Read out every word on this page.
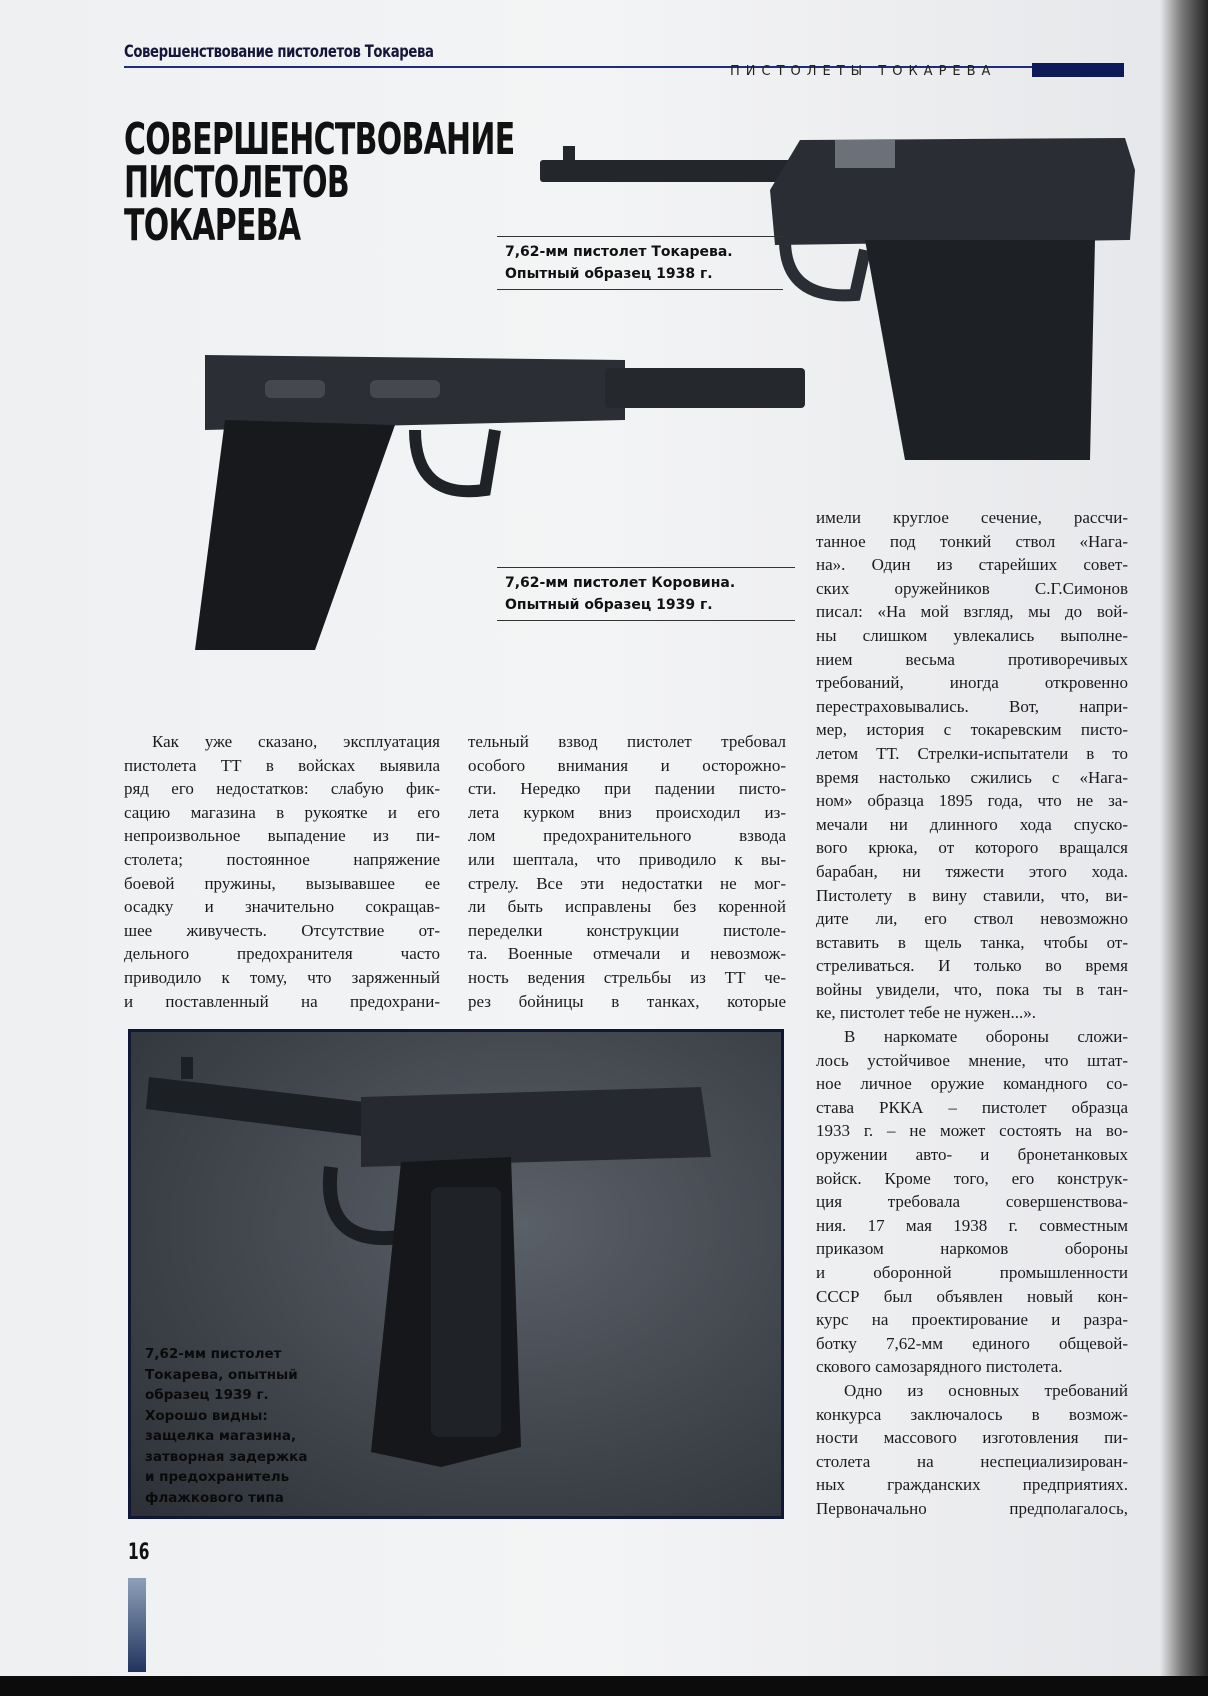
Совершенствование пистолетов Токарева
ПИСТОЛЕТЫ ТОКАРЕВА
СОВЕРШЕНСТВОВАНИЕ
ПИСТОЛЕТОВ
ТОКАРЕВА
7,62-мм пистолет Токарева.
Опытный образец 1938 г.
7,62-мм пистолет Коровина.
Опытный образец 1939 г.
Как уже сказано, эксплуатация
пистолета ТТ в войсках выявила
ряд его недостатков: слабую фик-
сацию магазина в рукоятке и его
непроизвольное выпадение из пи-
столета; постоянное напряжение
боевой пружины, вызывавшее ее
осадку и значительно сокращав-
шее живучесть. Отсутствие от-
дельного предохранителя часто
приводило к тому, что заряженный
и поставленный на предохрани-
тельный взвод пистолет требовал
особого внимания и осторожно-
сти. Нередко при падении писто-
лета курком вниз происходил из-
лом предохранительного взвода
или шептала, что приводило к вы-
стрелу. Все эти недостатки не мог-
ли быть исправлены без коренной
переделки конструкции пистоле-
та. Военные отмечали и невозмож-
ность ведения стрельбы из ТТ че-
рез бойницы в танках, которые
имели круглое сечение, рассчи-
танное под тонкий ствол «Нага-
на». Один из старейших совет-
ских оружейников С.Г.Симонов
писал: «На мой взгляд, мы до вой-
ны слишком увлекались выполне-
нием весьма противоречивых
требований, иногда откровенно
перестраховывались. Вот, напри-
мер, история с токаревским писто-
летом ТТ. Стрелки-испытатели в то
время настолько сжились с «Нага-
ном» образца 1895 года, что не за-
мечали ни длинного хода спуско-
вого крюка, от которого вращался
барабан, ни тяжести этого хода.
Пистолету в вину ставили, что, ви-
дите ли, его ствол невозможно
вставить в щель танка, чтобы от-
стреливаться. И только во время
войны увидели, что, пока ты в тан-
ке, пистолет тебе не нужен...».
В наркомате обороны сложи-
лось устойчивое мнение, что штат-
ное личное оружие командного со-
става РККА – пистолет образца
1933 г. – не может состоять на во-
оружении авто- и бронетанковых
войск. Кроме того, его конструк-
ция требовала совершенствова-
ния. 17 мая 1938 г. совместным
приказом наркомов обороны
и оборонной промышленности
СССР был объявлен новый кон-
курс на проектирование и разра-
ботку 7,62-мм единого общевой-
скового самозарядного пистолета.
Одно из основных требований
конкурса заключалось в возмож-
ности массового изготовления пи-
столета на неспециализирован-
ных гражданских предприятиях.
Первоначально предполагалось,
7,62-мм пистолет
Токарева, опытный
образец 1939 г.
Хорошо видны:
защелка магазина,
затворная задержка
и предохранитель
флажкового типа
16
